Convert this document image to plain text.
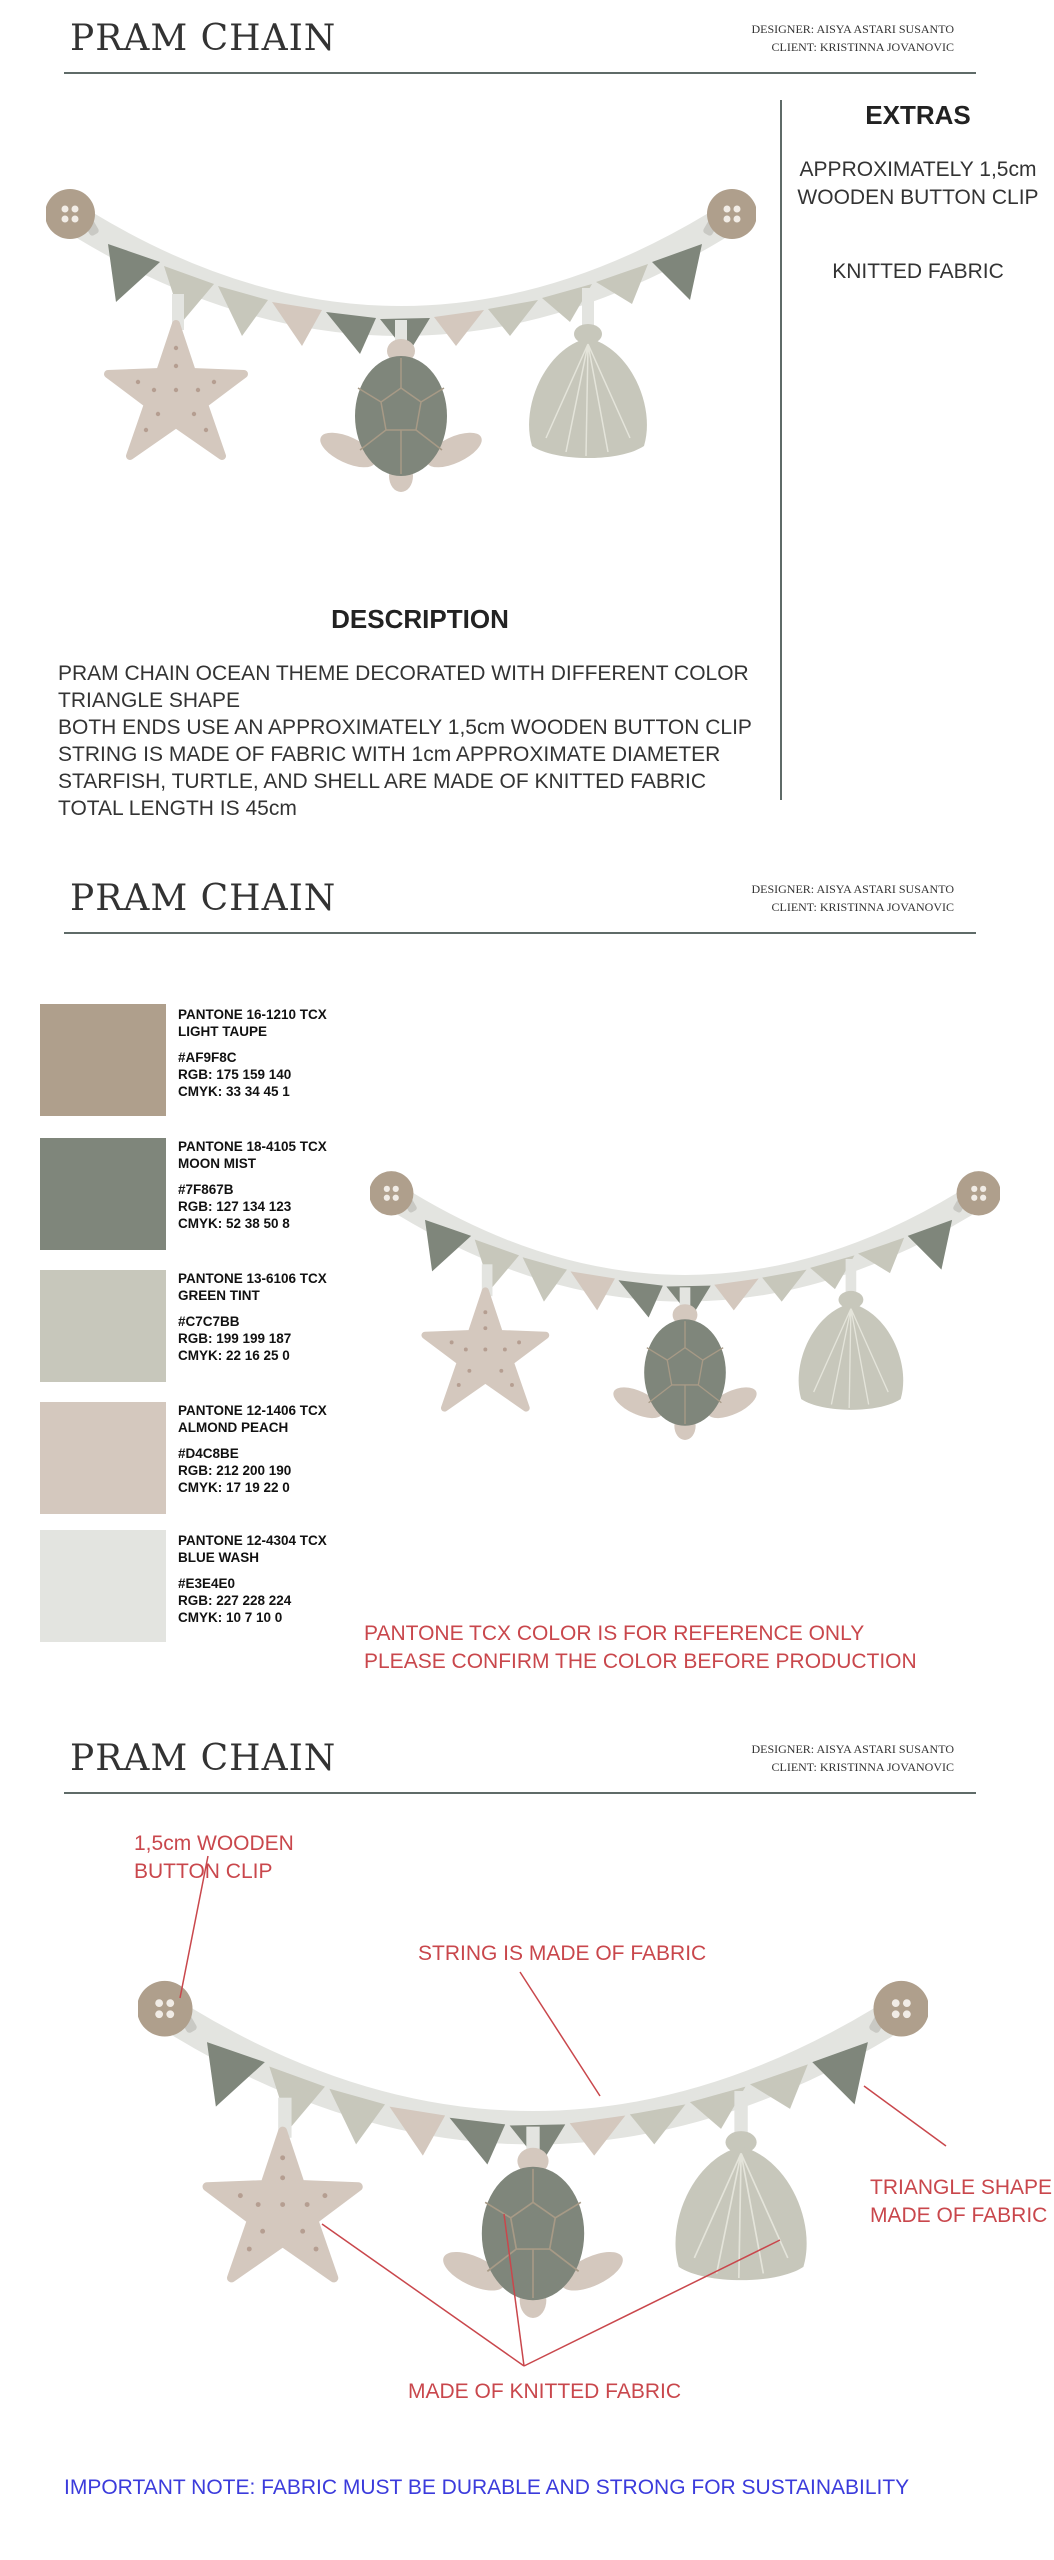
PRAM CHAIN	DESIGNER: AISYA ASTARI SUSANTO
CLIENT: KRISTINNA JOVANOVIC
EXTRAS
APPROXIMATELY 1,5cm
WOODEN BUTTON CLIP
KNITTED FABRIC
DESCRIPTION
PRAM CHAIN OCEAN THEME DECORATED WITH DIFFERENT COLOR
TRIANGLE SHAPE
BOTH ENDS USE AN APPROXIMATELY 1,5cm WOODEN BUTTON CLIP
STRING IS MADE OF FABRIC WITH 1cm APPROXIMATE DIAMETER
STARFISH, TURTLE, AND SHELL ARE MADE OF KNITTED FABRIC
TOTAL LENGTH IS 45cm
PRAM CHAIN	DESIGNER: AISYA ASTARI SUSANTO
CLIENT: KRISTINNA JOVANOVIC
PANTONE 16-1210 TCX
LIGHT TAUPE
#AF9F8C
RGB: 175 159 140
CMYK: 33 34 45 1
PANTONE 18-4105 TCX
MOON MIST
#7F867B
RGB: 127 134 123
CMYK: 52 38 50 8
PANTONE 13-6106 TCX
GREEN TINT
#C7C7BB
RGB: 199 199 187
CMYK: 22 16 25 0
PANTONE 12-1406 TCX
ALMOND PEACH
#D4C8BE
RGB: 212 200 190
CMYK: 17 19 22 0
PANTONE 12-4304 TCX
BLUE WASH
#E3E4E0
RGB: 227 228 224
CMYK: 10 7 10 0
PANTONE TCX COLOR IS FOR REFERENCE ONLY
PLEASE CONFIRM THE COLOR BEFORE PRODUCTION
PRAM CHAIN	DESIGNER: AISYA ASTARI SUSANTO
CLIENT: KRISTINNA JOVANOVIC
1,5cm WOODEN
BUTTON CLIP
STRING IS MADE OF FABRIC
TRIANGLE SHAPE
MADE OF FABRIC
MADE OF KNITTED FABRIC
IMPORTANT NOTE: FABRIC MUST BE DURABLE AND STRONG FOR SUSTAINABILITY
